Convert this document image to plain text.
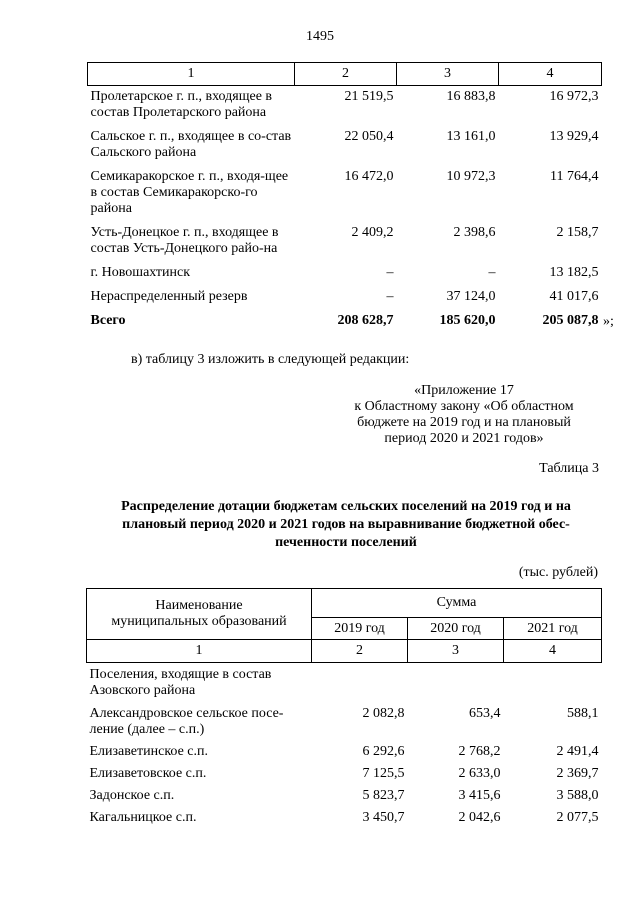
1495
1	2	3	4
Пролетарское г. п., входящее в состав Пролетарского района	21 519,5	16 883,8	16 972,3
Сальское г. п., входящее в со-став Сальского района	22 050,4	13 161,0	13 929,4
Семикаракорское г. п., входя-щее в состав Семикаракорско-го района	16 472,0	10 972,3	11 764,4
Усть-Донецкое г. п., входящее в состав Усть-Донецкого райо-на	2 409,2	2 398,6	2 158,7
г. Новошахтинск	–	–	13 182,5
Нераспределенный резерв	–	37 124,0	41 017,6
Всего	208 628,7	185 620,0	205 087,8 »;
в) таблицу 3 изложить в следующей редакции:
«Приложение 17
к Областному закону «Об областном
бюджете на 2019 год и на плановый
период 2020 и 2021 годов»
Таблица 3
Распределение дотации бюджетам сельских поселений на 2019 год и на
плановый период 2020 и 2021 годов на выравнивание бюджетной обес-
печенности поселений
(тыс. рублей)
Наименование
муниципальных образований	Сумма		
	2019 год	2020 год	2021 год
1	2	3	4

Поселения, входящие в состав
Азовского района			

Александровское сельское посе-
ление (далее – с.п.)	2 082,8	653,4	588,1
Елизаветинское с.п.	6 292,6	2 768,2	2 491,4
Елизаветовское с.п.	7 125,5	2 633,0	2 369,7
Задонское с.п.	5 823,7	3 415,6	3 588,0
Кагальницкое с.п.	3 450,7	2 042,6	2 077,5
